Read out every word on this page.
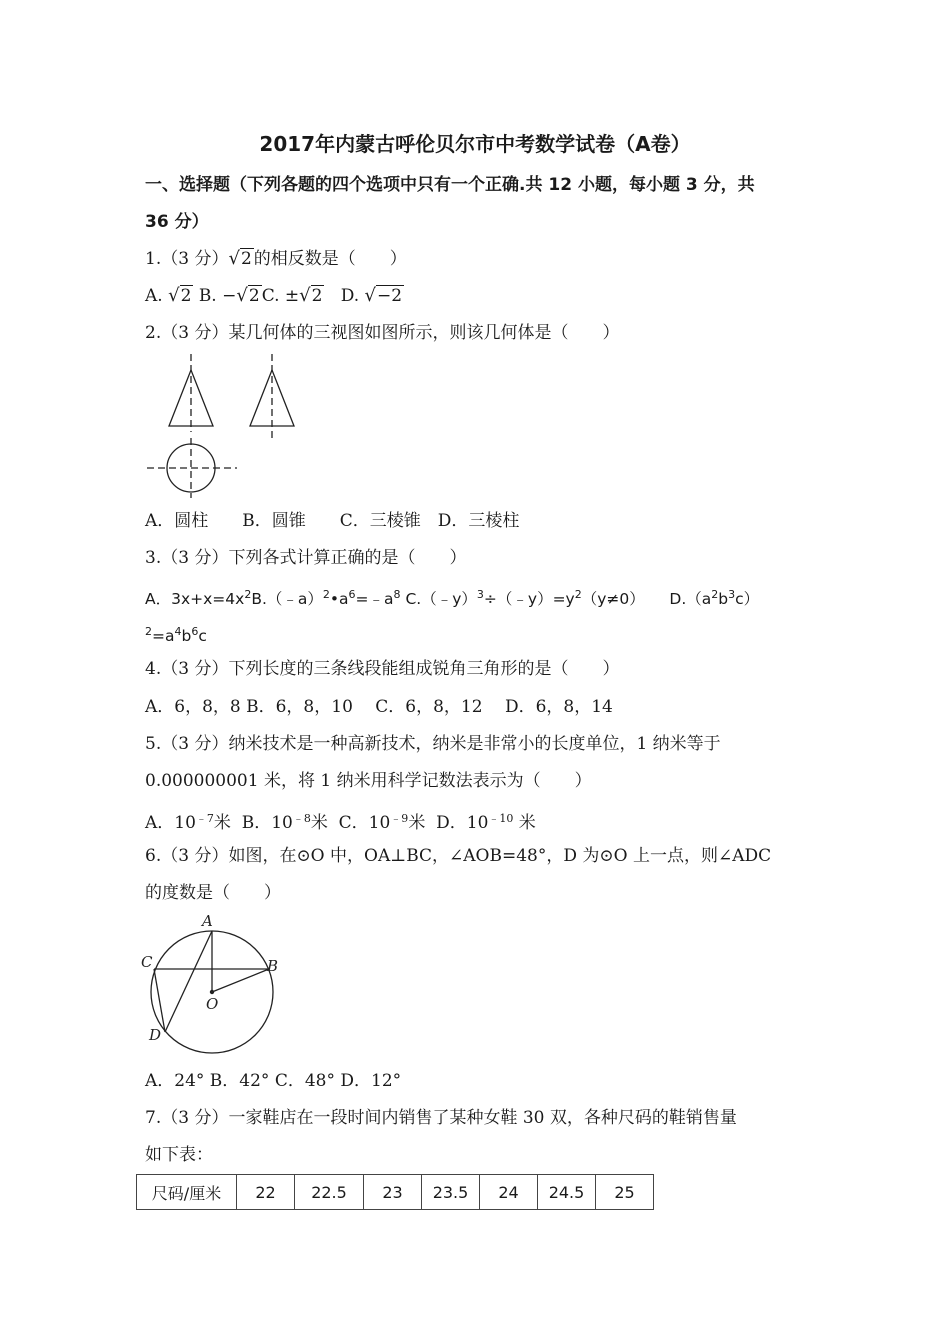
2017年内蒙古呼伦贝尔市中考数学试卷（A卷）
一、选择题（下列各题的四个选项中只有一个正确.共 12 小题，每小题 3 分，共
36 分）
1.（3 分）√2 的相反数是（　　）
A. √2 B. −√2 C. ±√2 D. √−2
2.（3 分）某几何体的三视图如图所示，则该几何体是（　　）
A．圆柱　　B．圆锥　　C．三棱锥　D．三棱柱
3.（3 分）下列各式计算正确的是（　　）
A．$3x+x=4x^2B.(﹣a)^2•a^6=﹣a^8$ $C.(﹣y)^3\div(﹣y)=y^2(y\ne 0)$ $D.(a^2b^3c)$
$^2=a^4b^6c$
4.（3 分）下列长度的三条线段能组成锐角三角形的是（　　）
A．6，8，8 B．6，8，10　 C．6，8，12　 D．6，8，14
5.（3 分）纳米技术是一种高新技术，纳米是非常小的长度单位，1 纳米等于
0.000000001 米，将 1 纳米用科学记数法表示为（　　）
A．$10^{﹣7}$米 B．$10^{﹣8}$米 C．$10^{﹣9}$米 D．$10^{﹣10}$ 米
6.（3 分）如图，在⊙O 中，OA⊥BC，∠AOB=48°，D 为⊙O 上一点，则∠ADC
的度数是（　　）
A
B
C
D
O
A．24° B．42° C．48° D．12°
7.（3 分）一家鞋店在一段时间内销售了某种女鞋 30 双，各种尺码的鞋销售量
如下表：
尺码/厘米	22	22.5	23	23.5	24	24.5	25
